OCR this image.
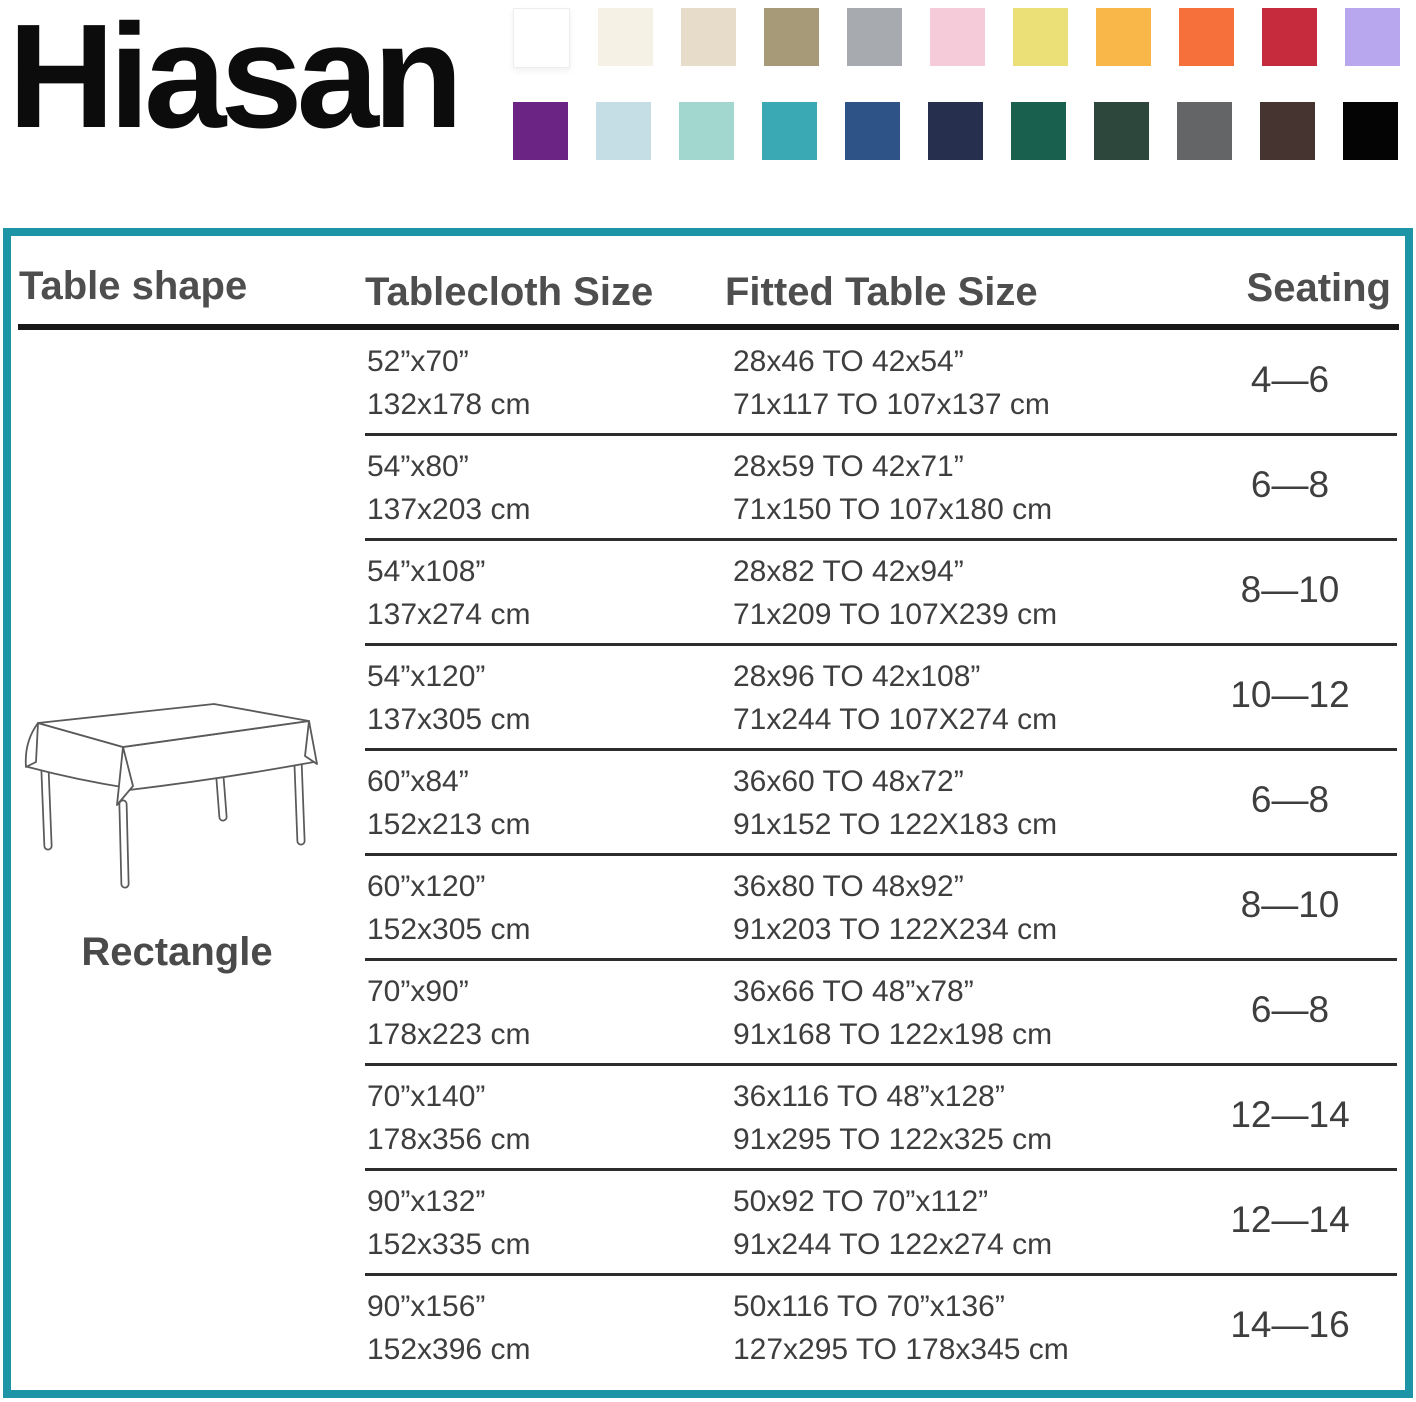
Hiasan
Table shape	Tablecloth Size Fitted Table Size	Seating
Rectangle
52”x70”
132x178 cm
28x46 TO 42x54”
71x117 TO 107x137 cm
4—6
54”x80”
137x203 cm
28x59 TO 42x71”
71x150 TO 107x180 cm
6—8
54”x108”
137x274 cm
28x82 TO 42x94”
71x209 TO 107X239 cm
8—10
54”x120”
137x305 cm
28x96 TO 42x108”
71x244 TO 107X274 cm
10—12
60”x84”
152x213 cm
36x60 TO 48x72”
91x152 TO 122X183 cm
6—8
60”x120”
152x305 cm
36x80 TO 48x92”
91x203 TO 122X234 cm
8—10
70”x90”
178x223 cm
36x66 TO 48”x78”
91x168 TO 122x198 cm
6—8
70”x140”
178x356 cm
36x116 TO 48”x128”
91x295 TO 122x325 cm
12—14
90”x132”
152x335 cm
50x92 TO 70”x112”
91x244 TO 122x274 cm
12—14
90”x156”
152x396 cm
50x116 TO 70”x136”
127x295 TO 178x345 cm
14—16
